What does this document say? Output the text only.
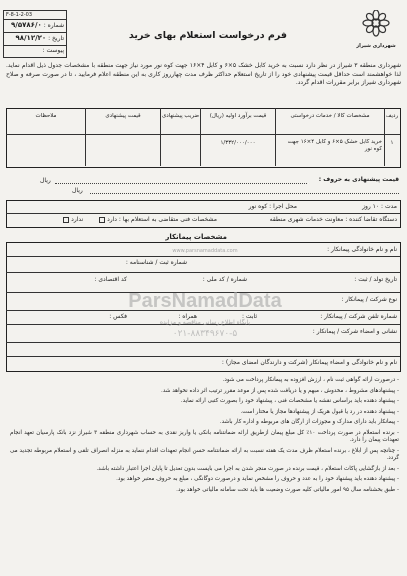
شهرداری شیراز
فرم درخواست استعلام بهای خرید
F-8-1-2-03
شماره : ۹/۵۷۸۶/۰
تاریخ : ۹۸/۱۲/۲۰
پیوست :
شهرداری منطقه ۳ شیراز در نظر دارد نسبت به خرید کابل خشک ۵×۶ و کابل ۴×۱۶ جهت کوه نور مورد نیاز جهت منطقه با مشخصات جدول ذیل اقدام نماید. لذا خواهشمند است حداقل قیمت پیشنهادی خود را از تاریخ استعلام حداکثر ظرف مدت چهارروز کاری به این منطقه اعلام فرمایید ، تا در صورت صرفه و صلاح شهرداری شیراز برابر مقررات اقدام گردد.
ردیف
مشخصات کالا / خدمات درخواستی
قیمت برآورد اولیه (ریال)
ضریب پیشنهادی
قیمت پیشنهادی
ملاحظات
۱
خرید کابل خشک ۵×۶ و کابل ۴×۱۶ جهت کوه نور
۱/۳۳۲/۰۰۰/۰۰۰
قیمت پیشنهادی به حروف :
ریال
ریال
مدت : ۱۰ روز
محل اجرا : کوه نور
دستگاه تقاضا کننده : معاونت خدمات شهری منطقه
مشخصات فنی متقاضی به استعلام بها : دارد  ندارد
مشخصات پیمانکار
نام و نام خانوادگی پیمانکار :
شماره ثبت / شناسنامه :
تاریخ تولد / ثبت :
شماره / کد ملی :
کد اقتصادی :
نوع شرکت / پیمانکار :
شماره تلفن شرکت / پیمانکار :
ثابت :
همراه :
فکس :
نشانی و امضاء شرکت / پیمانکار :
نام و نام خانوادگی و امضاء پیمانکار (شرکت و دارندگان امضای مجاز) :
www.parsnamaddata.com
ParsNamadData
پایگاه اطلاع رسانی مناقصه و مزایده
۰۲۱-۸۸۳۴۹۶۷۰-۵
- درصورت ارائه گواهی ثبت نام ، ارزش افزوده به پیمانکار پرداخت می شود.
- پیشنهادهای مشروط ، مخدوش ، مبهم و یا دریافت شده پس از موعد مقرر ترتیب اثر داده نخواهد شد.
- پیشنهاد دهنده باید براساس نقشه یا مشخصات فنی ، پیشنهاد خود را بصورت کتبی ارائه نماید.
- پیشنهاد دهنده در رد یا قبول هریک از پیشنهادها مجاز یا مختار است.
- پیمانکار باید دارای مدارک و مجوزات از ارگان های مربوطه و اداره کار باشد.
- برنده استعلام در صورت پرداخت ۱۰٪ کل مبلغ پیمان ازطریق ارائه ضمانتنامه بانکی یا واریز نقدی به حساب شهرداری منطقه ۳ شیراز نزد بانک پارسیان تعهد انجام تعهدات پیمان را دارد.
- چنانچه پس از ابلاغ ، برنده استعلام ظرف مدت یک هفته نسبت به ارائه ضمانتنامه حسن انجام تعهدات اقدام ننماید به منزله انصراف تلقی و استعلام مربوطه تجدید می گردد.
- بعد از بازگشایی پاکات استعلام ، قیمت برنده در صورت منجر شدن به اجرا می بایست بدون تعدیل تا پایان اجرا اعتبار داشته باشد.
- پیشنهاد دهنده باید پیشنهاد خود را به عدد و حروف را مشخص نماید و درصورت دوگانگی ، مبلغ به حروف معتبر خواهد بود.
- طبق بخشنامه سال ۹۵ امور مالیاتی کلیه صورت وضعیت ها باید تحت سامانه مالیاتی خواهد بود.
